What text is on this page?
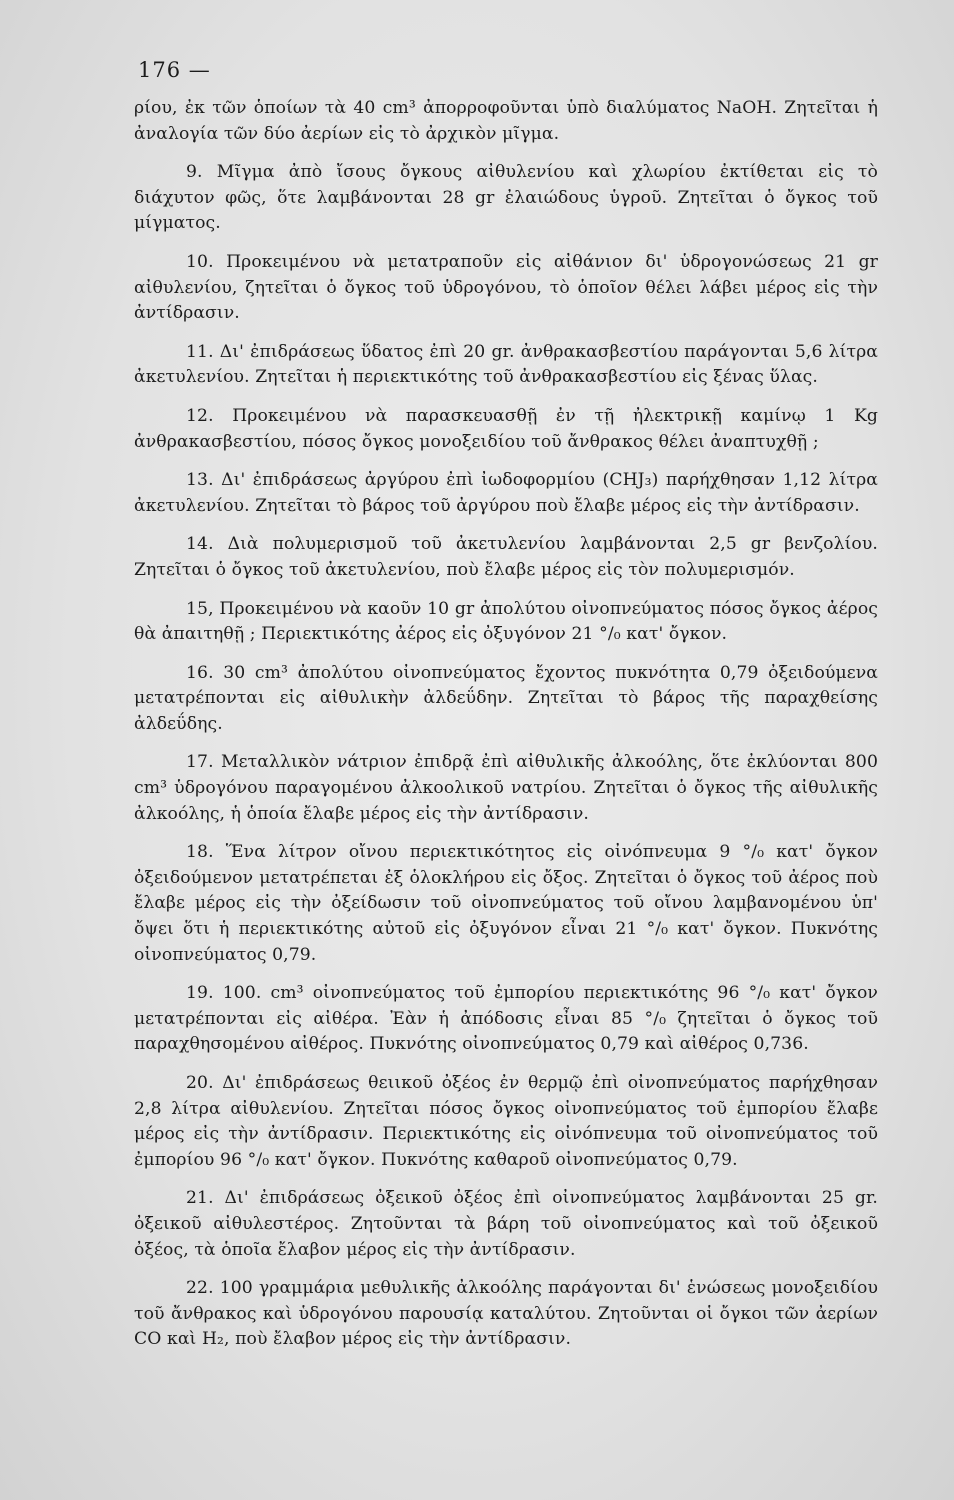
176 —

ρίου, ἐκ τῶν ὁποίων τὰ 40 cm³ ἀπορροφοῦνται ὑπὸ διαλύματος NaOH. Ζητεῖται ἡ ἀναλογία τῶν δύο ἀερίων εἰς τὸ ἀρχικὸν μῖγμα.

9. Μῖγμα ἀπὸ ἴσους ὄγκους αἰθυλενίου καὶ χλωρίου ἐκτίθεται εἰς τὸ διάχυτον φῶς, ὅτε λαμβάνονται 28 gr ἐλαιώδους ὑγροῦ. Ζητεῖται ὁ ὄγκος τοῦ μίγματος.

10. Προκειμένου νὰ μετατραποῦν εἰς αἰθάνιον δι' ὑδρογονώσεως 21 gr αἰθυλενίου, ζητεῖται ὁ ὄγκος τοῦ ὑδρογόνου, τὸ ὁποῖον θέλει λάβει μέρος εἰς τὴν ἀντίδρασιν.

11. Δι' ἐπιδράσεως ὕδατος ἐπὶ 20 gr. ἀνθρακασβεστίου παράγονται 5,6 λίτρα ἀκετυλενίου. Ζητεῖται ἡ περιεκτικότης τοῦ ἀνθρακασβεστίου εἰς ξένας ὕλας.

12. Προκειμένου νὰ παρασκευασθῇ ἐν τῇ ἠλεκτρικῇ καμίνῳ 1 Kg ἀνθρακασβεστίου, πόσος ὄγκος μονοξειδίου τοῦ ἄνθρακος θέλει ἀναπτυχθῇ ;

13. Δι' ἐπιδράσεως ἀργύρου ἐπὶ ἰωδοφορμίου (CHJ₃) παρήχθησαν 1,12 λίτρα ἀκετυλενίου. Ζητεῖται τὸ βάρος τοῦ ἀργύρου ποὺ ἔλαβε μέρος εἰς τὴν ἀντίδρασιν.

14. Διὰ πολυμερισμοῦ τοῦ ἀκετυλενίου λαμβάνονται 2,5 gr βενζολίου. Ζητεῖται ὁ ὄγκος τοῦ ἀκετυλενίου, ποὺ ἔλαβε μέρος εἰς τὸν πολυμερισμόν.

15, Προκειμένου νὰ καοῦν 10 gr ἀπολύτου οἰνοπνεύματος πόσος ὄγκος ἀέρος θὰ ἀπαιτηθῇ ; Περιεκτικότης ἀέρος εἰς ὀξυγόνον 21 °/₀ κατ' ὄγκον.

16. 30 cm³ ἀπολύτου οἰνοπνεύματος ἔχοντος πυκνότητα 0,79 ὀξειδούμενα μετατρέπονται εἰς αἰθυλικὴν ἀλδεΰδην. Ζητεῖται τὸ βάρος τῆς παραχθείσης ἀλδεΰδης.

17. Μεταλλικὸν νάτριον ἐπιδρᾷ ἐπὶ αἰθυλικῆς ἀλκοόλης, ὅτε ἐκλύονται 800 cm³ ὑδρογόνου παραγομένου ἀλκοολικοῦ νατρίου. Ζητεῖται ὁ ὄγκος τῆς αἰθυλικῆς ἀλκοόλης, ἡ ὁποία ἔλαβε μέρος εἰς τὴν ἀντίδρασιν.

18. Ἕνα λίτρον οἴνου περιεκτικότητος εἰς οἰνόπνευμα 9 °/₀ κατ' ὄγκον ὀξειδούμενον μετατρέπεται ἐξ ὁλοκλήρου εἰς ὄξος. Ζητεῖται ὁ ὄγκος τοῦ ἀέρος ποὺ ἔλαβε μέρος εἰς τὴν ὀξείδωσιν τοῦ οἰνοπνεύματος τοῦ οἴνου λαμβανομένου ὑπ' ὄψει ὅτι ἡ περιεκτικότης αὐτοῦ εἰς ὀξυγόνον εἶναι 21 °/₀ κατ' ὄγκον. Πυκνότης οἰνοπνεύματος 0,79.

19. 100. cm³ οἰνοπνεύματος τοῦ ἐμπορίου περιεκτικότης 96 °/₀ κατ' ὄγκον μετατρέπονται εἰς αἰθέρα. Ἐὰν ἡ ἀπόδοσις εἶναι 85 °/₀ ζητεῖται ὁ ὄγκος τοῦ παραχθησομένου αἰθέρος. Πυκνότης οἰνοπνεύματος 0,79 καὶ αἰθέρος 0,736.

20. Δι' ἐπιδράσεως θειικοῦ ὀξέος ἐν θερμῷ ἐπὶ οἰνοπνεύματος παρήχθησαν 2,8 λίτρα αἰθυλενίου. Ζητεῖται πόσος ὄγκος οἰνοπνεύματος τοῦ ἐμπορίου ἔλαβε μέρος εἰς τὴν ἀντίδρασιν. Περιεκτικότης εἰς οἰνόπνευμα τοῦ οἰνοπνεύματος τοῦ ἐμπορίου 96 °/₀ κατ' ὄγκον. Πυκνότης καθαροῦ οἰνοπνεύματος 0,79.

21. Δι' ἐπιδράσεως ὀξεικοῦ ὀξέος ἐπὶ οἰνοπνεύματος λαμβάνονται 25 gr. ὀξεικοῦ αἰθυλεστέρος. Ζητοῦνται τὰ βάρη τοῦ οἰνοπνεύματος καὶ τοῦ ὀξεικοῦ ὀξέος, τὰ ὁποῖα ἔλαβον μέρος εἰς τὴν ἀντίδρασιν.

22. 100 γραμμάρια μεθυλικῆς ἀλκοόλης παράγονται δι' ἑνώσεως μονοξειδίου τοῦ ἄνθρακος καὶ ὑδρογόνου παρουσίᾳ καταλύτου. Ζητοῦνται οἱ ὄγκοι τῶν ἀερίων CO καὶ H₂, ποὺ ἔλαβον μέρος εἰς τὴν ἀντίδρασιν.
